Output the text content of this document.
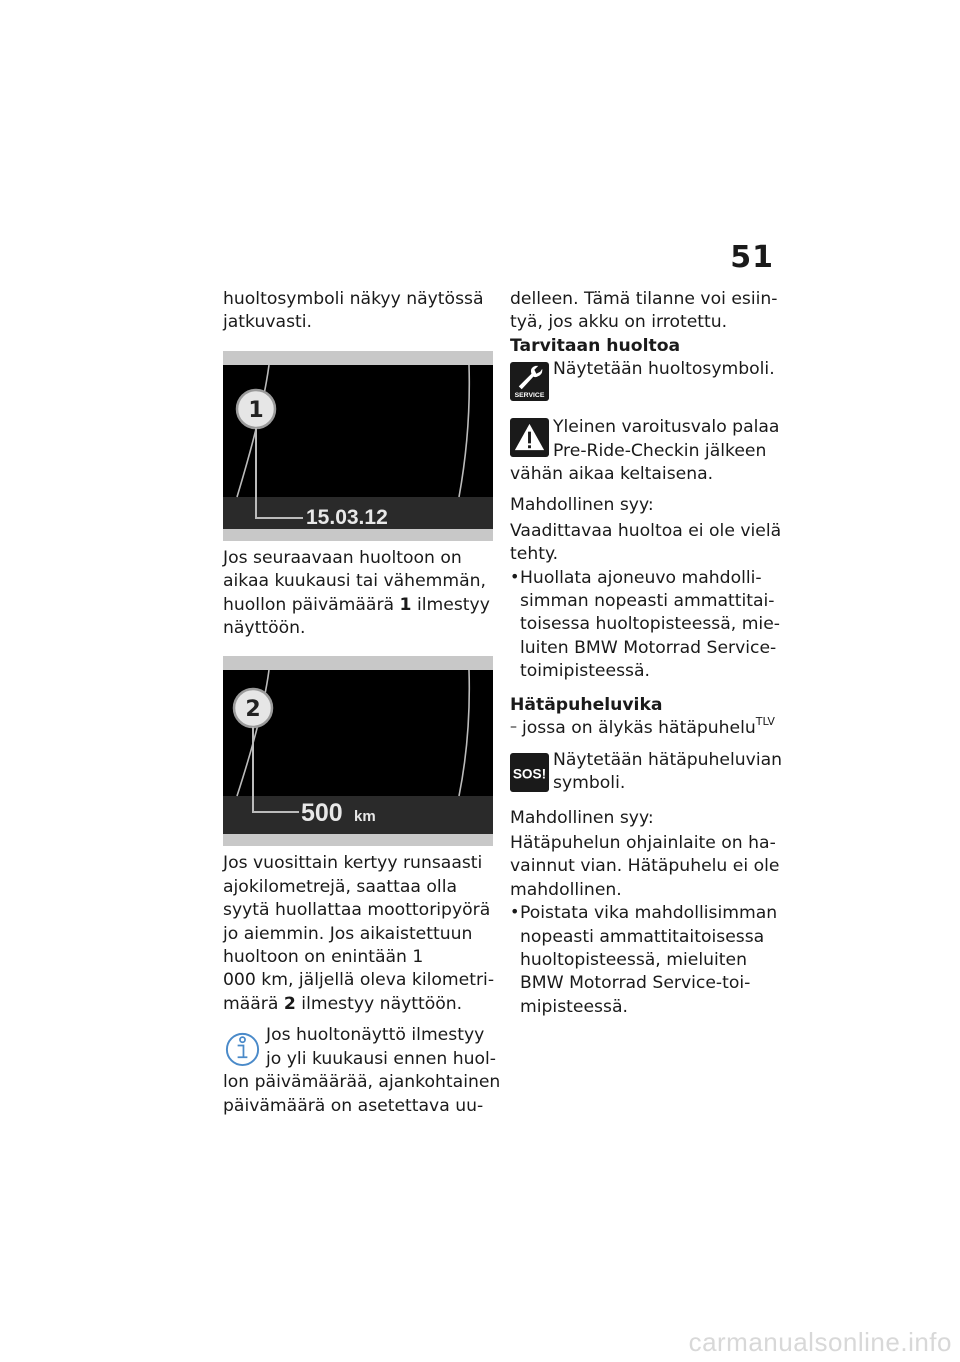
51

huoltosymboli näkyy näytössä

jatkuvasti.

1
15.03.12

Jos seuraavaan huoltoon on

aikaa kuukausi tai vähemmän,

huollon päivämäärä 1 ilmestyy

näyttöön.

2
500 km

Jos vuosittain kertyy runsaasti

ajokilometrejä, saattaa olla

syytä huollattaa moottoripyörä

jo aiemmin. Jos aikaistettuun

huoltoon on enintään 1

000 km, jäljellä oleva kilometri-

määrä 2 ilmestyy näyttöön.

Jos huoltonäyttö ilmestyy

jo yli kuukausi ennen huol-

lon päivämäärää, ajankohtainen

päivämäärä on asetettava uu-

delleen. Tämä tilanne voi esiin-

tyä, jos akku on irrotettu.

Tarvitaan huoltoa

SERVICE

Näytetään huoltosymboli.

Yleinen varoitusvalo palaa

Pre-Ride-Checkin jälkeen

vähän aikaa keltaisena.

Mahdollinen syy:

Vaadittavaa huoltoa ei ole vielä

tehty.

• Huollata ajoneuvo mahdolli-

simman nopeasti ammattitai-

toisessa huoltopisteessä, mie-

luiten BMW Motorrad Service-

toimipisteessä.

Hätäpuheluvika

– jossa on älykäs hätäpuhelu$^{TLV}$

SOS!

Näytetään hätäpuheluvian

symboli.

Mahdollinen syy:

Hätäpuhelun ohjainlaite on ha-

vainnut vian. Hätäpuhelu ei ole

mahdollinen.

• Poistata vika mahdollisimman

nopeasti ammattitaitoisessa

huoltopisteessä, mieluiten

BMW Motorrad Service-toi-

mipisteessä.

carmanualsonline.info
